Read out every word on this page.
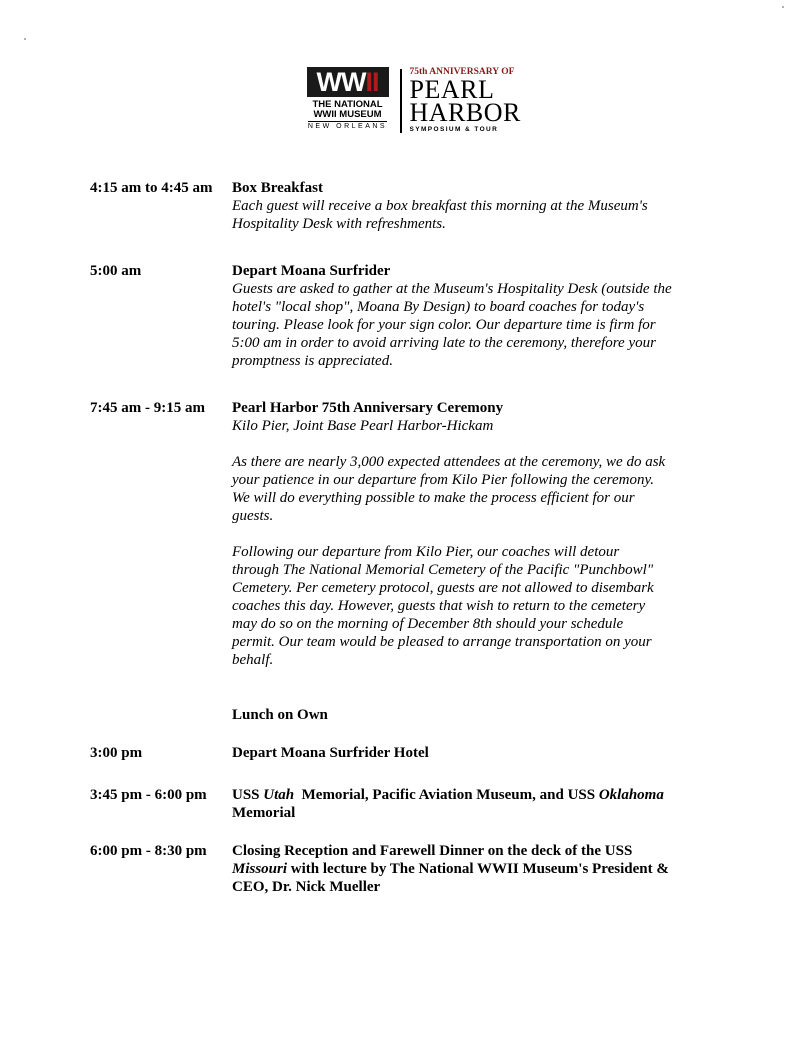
WWII
THE NATIONAL
WWII MUSEUM
NEW ORLEANS
75th ANNIVERSARY OF
PEARL
HARBOR
SYMPOSIUM & TOUR
4:15 am to 4:45 am Box Breakfast
Each guest will receive a box breakfast this morning at the Museum's
Hospitality Desk with refreshments.
5:00 am	Depart Moana Surfrider
Guests are asked to gather at the Museum's Hospitality Desk (outside the
hotel's "local shop", Moana By Design) to board coaches for today's
touring. Please look for your sign color. Our departure time is firm for
5:00 am in order to avoid arriving late to the ceremony, therefore your
promptness is appreciated.
7:45 am - 9:15 am Pearl Harbor 75th Anniversary Ceremony
Kilo Pier, Joint Base Pearl Harbor-Hickam
As there are nearly 3,000 expected attendees at the ceremony, we do ask
your patience in our departure from Kilo Pier following the ceremony.
We will do everything possible to make the process efficient for our
guests.
Following our departure from Kilo Pier, our coaches will detour
through The National Memorial Cemetery of the Pacific "Punchbowl"
Cemetery. Per cemetery protocol, guests are not allowed to disembark
coaches this day. However, guests that wish to return to the cemetery
may do so on the morning of December 8th should your schedule
permit. Our team would be pleased to arrange transportation on your
behalf.
Lunch on Own
3:00 pm	Depart Moana Surfrider Hotel
3:45 pm - 6:00 pm USS Utah  Memorial, Pacific Aviation Museum, and USS Oklahoma
Memorial
6:00 pm - 8:30 pm Closing Reception and Farewell Dinner on the deck of the USS
Missouri with lecture by The National WWII Museum's President &
CEO, Dr. Nick Mueller
